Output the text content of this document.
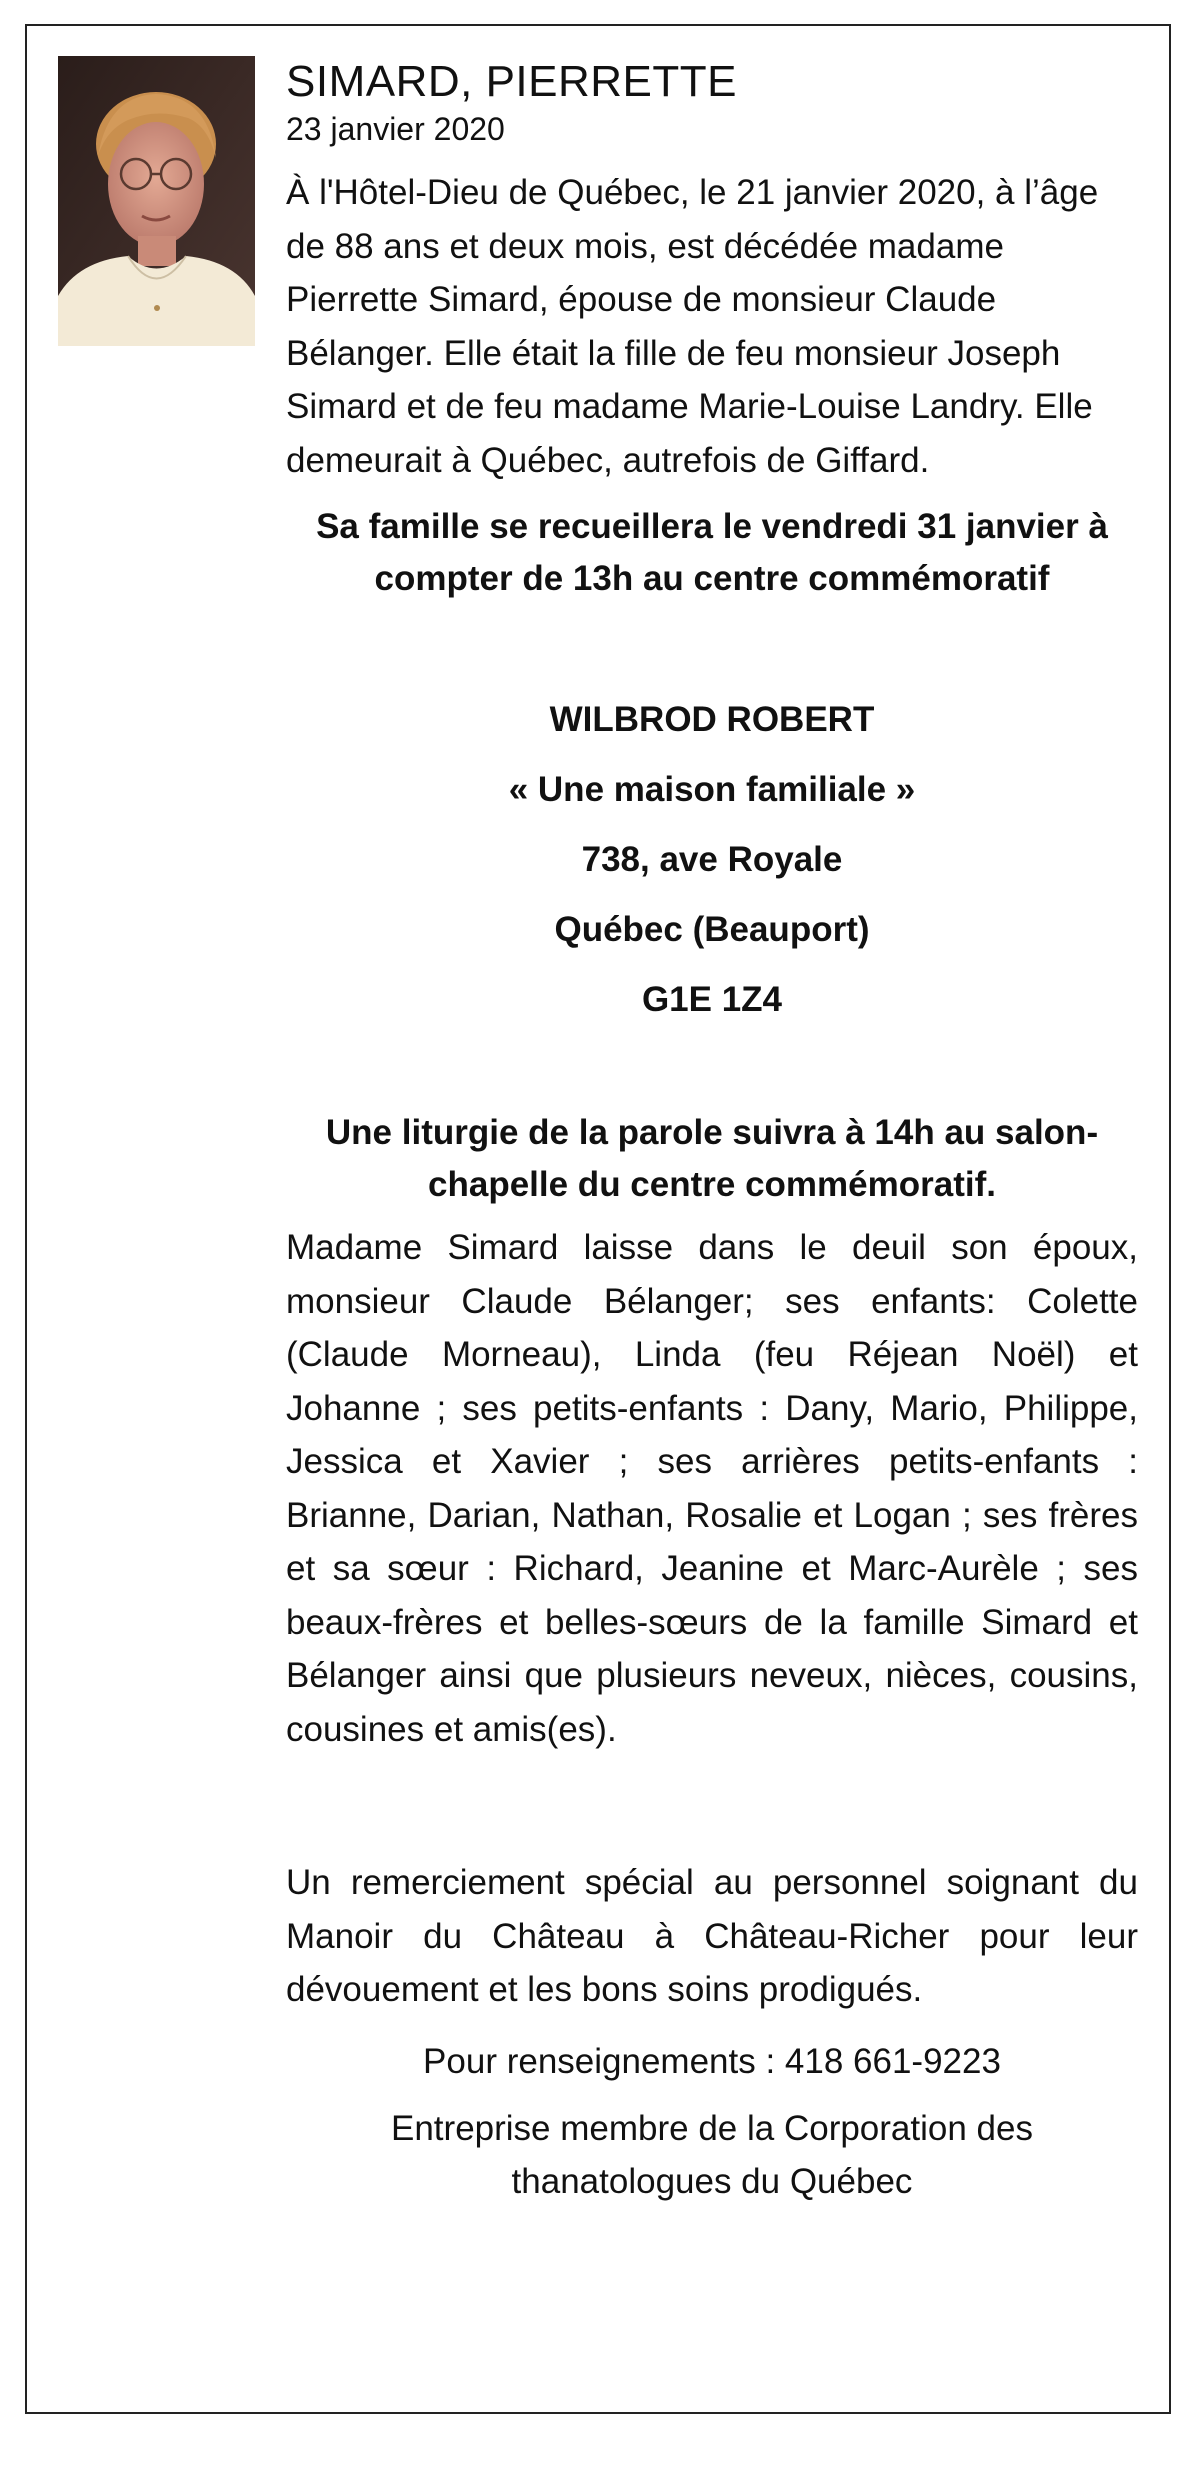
SIMARD, PIERRETTE
23 janvier 2020

À l'Hôtel-Dieu de Québec, le 21 janvier 2020, à l’âge de 88 ans et deux mois, est décédée madame Pierrette Simard, épouse de monsieur Claude Bélanger. Elle était la fille de feu monsieur Joseph Simard et de feu madame Marie-Louise Landry. Elle demeurait à Québec, autrefois de Giffard.

Sa famille se recueillera le vendredi 31 janvier à compter de 13h au centre commémoratif

WILBROD ROBERT

« Une maison familiale »

738, ave Royale

Québec (Beauport)

G1E 1Z4

Une liturgie de la parole suivra à 14h au salon-chapelle du centre commémoratif.

Madame Simard laisse dans le deuil son époux, monsieur Claude Bélanger; ses enfants: Colette (Claude Morneau), Linda (feu Réjean Noël) et Johanne ; ses petits-enfants : Dany, Mario, Philippe, Jessica et Xavier ; ses arrières petits-enfants : Brianne, Darian, Nathan, Rosalie et Logan ; ses frères et sa sœur : Richard, Jeanine et Marc-Aurèle ; ses beaux-frères et belles-sœurs de la famille Simard et Bélanger ainsi que plusieurs neveux, nièces, cousins, cousines et amis(es).

Un remerciement spécial au personnel soignant du Manoir du Château à Château-Richer pour leur dévouement et les bons soins prodigués.

Pour renseignements : 418 661-9223

Entreprise membre de la Corporation des thanatologues du Québec
